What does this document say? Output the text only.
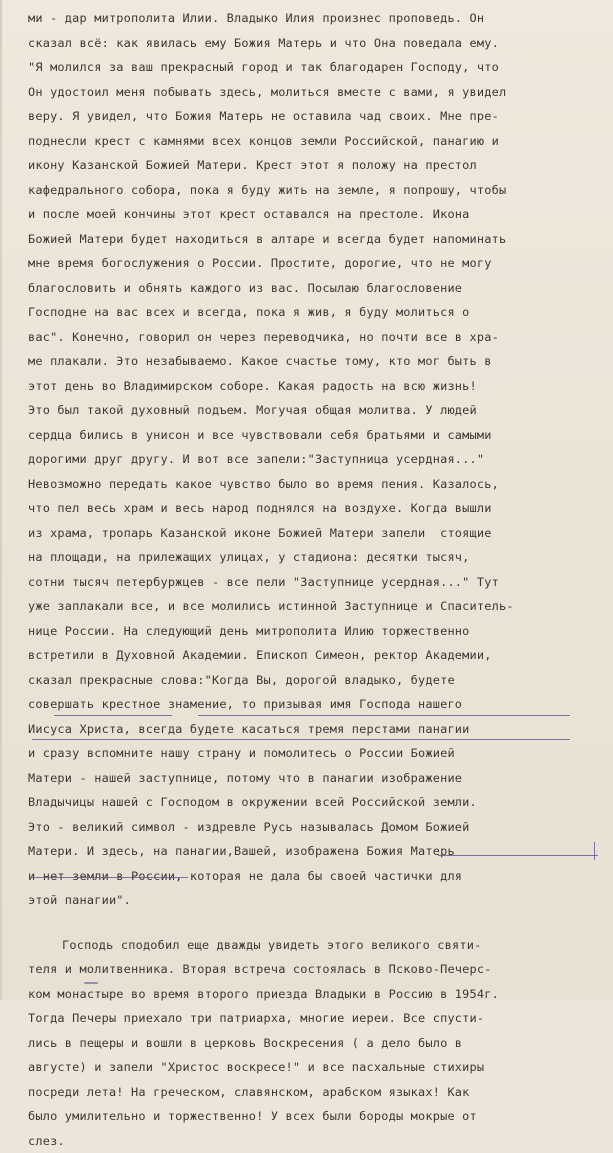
ми - дар митрополита Илии. Владыко Илия произнес проповедь. Он
сказал всё: как явилась ему Божия Матерь и что Она поведала ему.
"Я молился за ваш прекрасный город и так благодарен Господу, что
Он удостоил меня побывать здесь, молиться вместе с вами, я увидел
веру. Я увидел, что Божия Матерь не оставила чад своих. Мне пре-
поднесли крест с камнями всех концов земли Российской, панагию и
икону Казанской Божией Матери. Крест этот я положу на престол
кафедрального собора, пока я буду жить на земле, я попрошу, чтобы
и после моей кончины этот крест оставался на престоле. Икона
Божией Матери будет находиться в алтаре и всегда будет напоминать
мне время богослужения о России. Простите, дорогие, что не могу
благословить и обнять каждого из вас. Посылаю благословение
Господне на вас всех и всегда, пока я жив, я буду молиться о
вас". Конечно, говорил он через переводчика, но почти все в хра-
ме плакали. Это незабываемо. Какое счастье тому, кто мог быть в
этот день во Владимирском соборе. Какая радость на всю жизнь!
Это был такой духовный подъем. Могучая общая молитва. У людей
сердца бились в унисон и все чувствовали себя братьями и самыми
дорогими друг другу. И вот все запели:"Заступница усердная..."
Невозможно передать какое чувство было во время пения. Казалось,
что пел весь храм и весь народ поднялся на воздухе. Когда вышли
из храма, тропарь Казанской иконе Божией Матери запели  стоящие
на площади, на прилежащих улицах, у стадиона: десятки тысяч,
сотни тысяч петербуржцев - все пели "Заступнице усердная..." Тут
уже заплакали все, и все молились истинной Заступнице и Спаситель-
нице России. На следующий день митрополита Илию торжественно
встретили в Духовной Академии. Епископ Симеон, ректор Академии,
сказал прекрасные слова:"Когда Вы, дорогой владыко, будете
совершать крестное знамение, то призывая имя Господа нашего
Иисуса Христа, всегда будете касаться тремя перстами панагии
и сразу вспомните нашу страну и помолитесь о России Божией
Матери - нашей заступнице, потому что в панагии изображение
Владычицы нашей с Господом в окружении всей Российской земли.
Это - великий символ - издревле Русь называлась Домом Божией
Матери. И здесь, на панагии,Вашей, изображена Божия Матерь
и нет земли в России, которая не дала бы своей частички для
этой панагии".
Господь сподобил еще дважды увидеть этого великого святи-
теля и молитвенника. Вторая встреча состоялась в Псково-Печерс-
ком монастыре во время второго приезда Владыки в Россию в 1954г.
Тогда Печеры приехало три патриарха, многие иереи. Все спусти-
лись в пещеры и вошли в церковь Воскресения ( а дело было в
августе) и запели "Христос воскресе!" и все пасхальные стихиры
посреди лета! На греческом, славянском, арабском языках! Как
было умилительно и торжественно! У всех были бороды мокрые от
слез.
